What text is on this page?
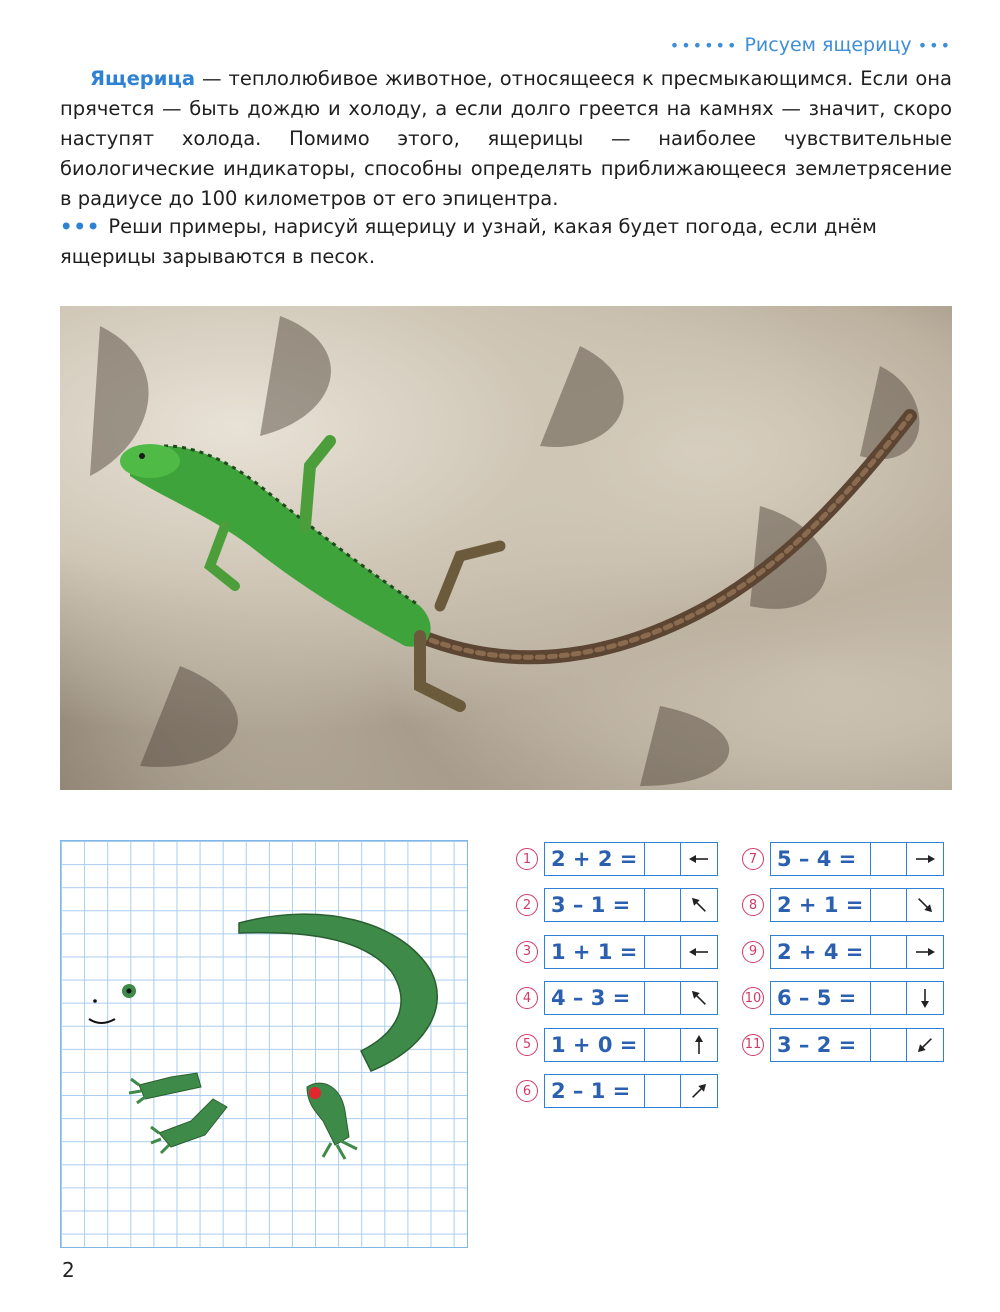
•••••• Рисуем ящерицу •••

Ящерица — теплолюбивое животное, относящееся к пресмыкающимся. Если она прячется — быть дождю и холоду, а если долго греется на камнях — значит, скоро наступят холода. Помимо этого, ящерицы — наиболее чувствительные биологические индикаторы, способны определять приближающееся землетрясение в радиусе до 100 километров от его эпицентра.

••• Реши примеры, нарисуй ящерицу и узнай, какая будет погода, если днём ящерицы зарываются в песок.

1 2 + 2 =
2 3 – 1 =
3 1 + 1 =
4 4 – 3 =
5 1 + 0 =
6 2 – 1 =
7 5 – 4 =
8 2 + 1 =
9 2 + 4 =
10 6 – 5 =
11 3 – 2 =
2
